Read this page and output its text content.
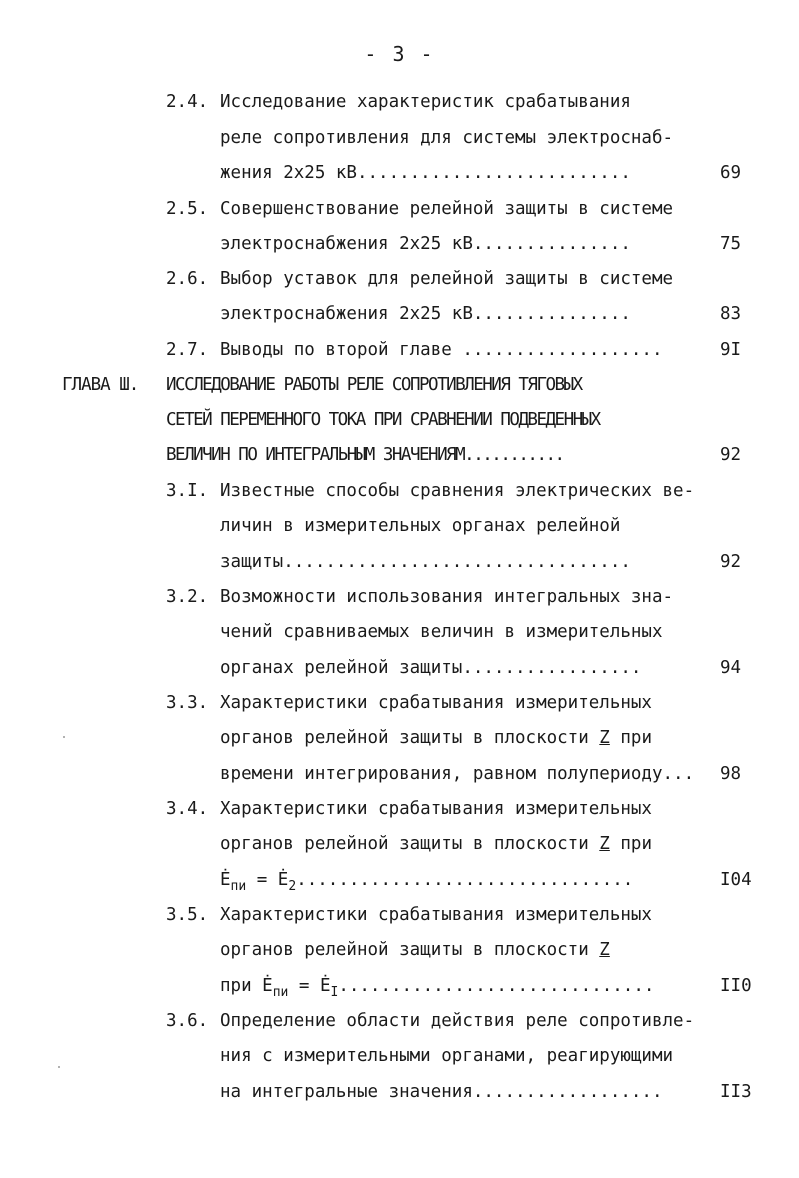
- 3 -
2.4. Исследование характеристик срабатывания
реле сопротивления для системы электроснаб-
жения 2х25 кВ..........................	69
2.5. Совершенствование релейной защиты в системе
электроснабжения 2х25 кВ...............	75
2.6. Выбор уставок для релейной защиты в системе
электроснабжения 2х25 кВ...............	83
2.7. Выводы по второй главе ...................	9I
ГЛАВА Ш. ИССЛЕДОВАНИЕ РАБОТЫ РЕЛЕ СОПРОТИВЛЕНИЯ ТЯГОВЫХ
СЕТЕЙ ПЕРЕМЕННОГО ТОКА ПРИ СРАВНЕНИИ ПОДВЕДЕННЫХ
ВЕЛИЧИН ПО ИНТЕГРАЛЬНЫМ ЗНАЧЕНИЯМ...........	92
3.I. Известные способы сравнения электрических ве-
личин в измерительных органах релейной
защиты.................................	92
3.2. Возможности использования интегральных зна-
чений сравниваемых величин в измерительных
органах релейной защиты.................	94
3.3. Характеристики срабатывания измерительных
органов релейной защиты в плоскости Z при
времени интегрирования, равном полупериоду... 98
3.4. Характеристики срабатывания измерительных
органов релейной защиты в плоскости Z при
$Ė_{пи}$ = $Ė_2$................................	I04
3.5. Характеристики срабатывания измерительных
органов релейной защиты в плоскости Z
при $Ė_{пи}$ = $Ė_I$..............................	II0
3.6. Определение области действия реле сопротивле-
ния с измерительными органами, реагирующими
на интегральные значения..................	II3
